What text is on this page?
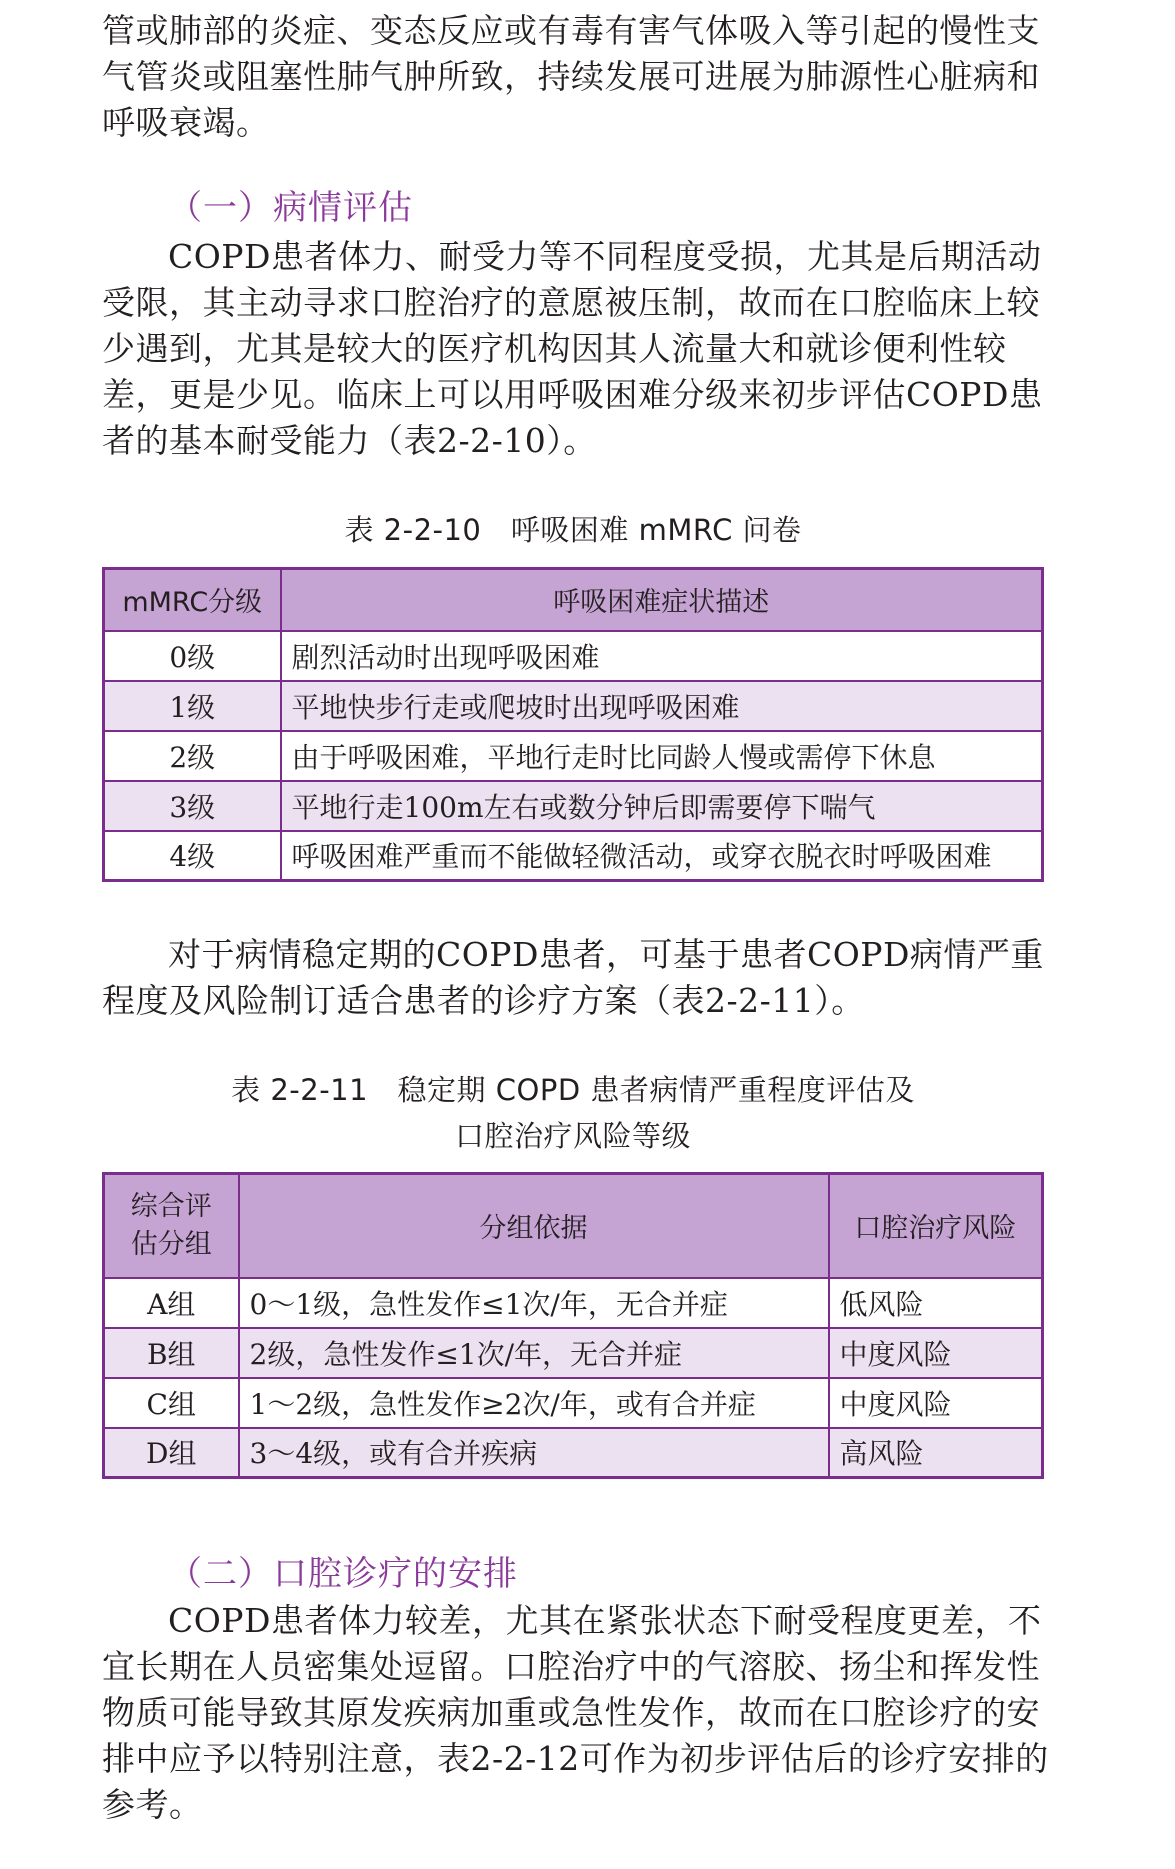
管或肺部的炎症、变态反应或有毒有害气体吸入等引起的慢性支
气管炎或阻塞性肺气肿所致，持续发展可进展为肺源性心脏病和
呼吸衰竭。
（一）病情评估
COPD患者体力、耐受力等不同程度受损，尤其是后期活动
受限，其主动寻求口腔治疗的意愿被压制，故而在口腔临床上较
少遇到，尤其是较大的医疗机构因其人流量大和就诊便利性较
差，更是少见。临床上可以用呼吸困难分级来初步评估COPD患
者的基本耐受能力（表2-2-10）。
表 2-2-10　呼吸困难 mMRC 问卷
mMRC分级	呼吸困难症状描述
0级	剧烈活动时出现呼吸困难
1级	平地快步行走或爬坡时出现呼吸困难
2级	由于呼吸困难，平地行走时比同龄人慢或需停下休息
3级	平地行走100m左右或数分钟后即需要停下喘气
4级	呼吸困难严重而不能做轻微活动，或穿衣脱衣时呼吸困难
对于病情稳定期的COPD患者，可基于患者COPD病情严重
程度及风险制订适合患者的诊疗方案（表2-2-11）。
表 2-2-11　稳定期 COPD 患者病情严重程度评估及
口腔治疗风险等级
综合评
估分组	分组依据	口腔治疗风险
A组	0～1级，急性发作≤1次/年，无合并症	低风险
B组	2级，急性发作≤1次/年，无合并症	中度风险
C组	1～2级，急性发作≥2次/年，或有合并症	中度风险
D组	3～4级，或有合并疾病	高风险
（二）口腔诊疗的安排
COPD患者体力较差，尤其在紧张状态下耐受程度更差，不
宜长期在人员密集处逗留。口腔治疗中的气溶胶、扬尘和挥发性
物质可能导致其原发疾病加重或急性发作，故而在口腔诊疗的安
排中应予以特别注意，表2-2-12可作为初步评估后的诊疗安排的
参考。
